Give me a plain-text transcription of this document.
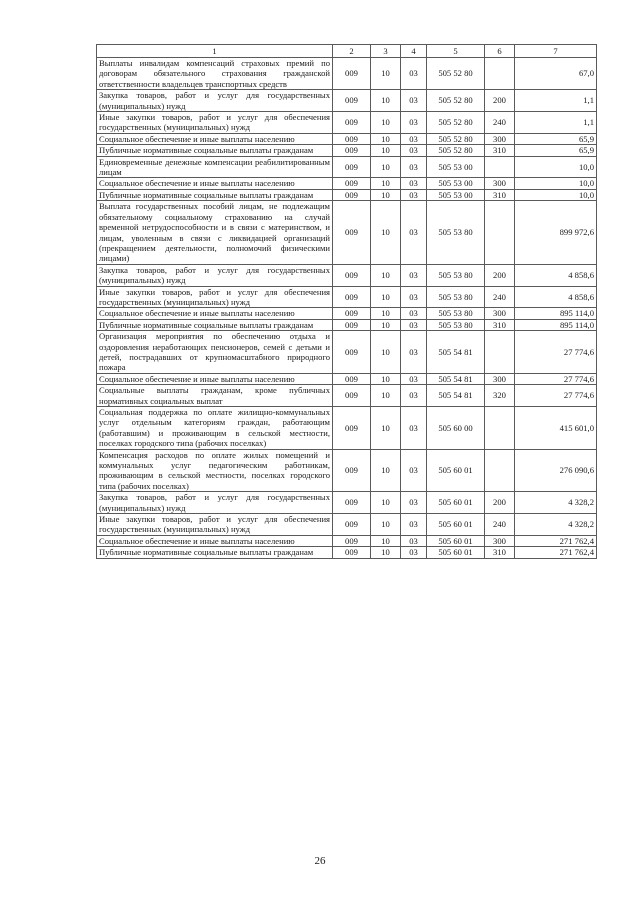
1	2	3	4	5	6	7
Выплаты инвалидам компенсаций страховых премий по договорам обязательного страхования гражданской ответственности владельцев транспортных средств	009	10	03	505 52 80		67,0
Закупка товаров, работ и услуг для государственных (муниципальных) нужд	009	10	03	505 52 80	200	1,1
Иные закупки товаров, работ и услуг для обеспечения государственных (муниципальных) нужд	009	10	03	505 52 80	240	1,1
Социальное обеспечение и иные выплаты населению	009	10	03	505 52 80	300	65,9
Публичные нормативные социальные выплаты гражданам	009	10	03	505 52 80	310	65,9
Единовременные денежные компенсации реабилитированным лицам	009	10	03	505 53 00		10,0
Социальное обеспечение и иные выплаты населению	009	10	03	505 53 00	300	10,0
Публичные нормативные социальные выплаты гражданам	009	10	03	505 53 00	310	10,0
Выплата государственных пособий лицам, не подлежащим обязательному социальному страхованию на случай временной нетрудоспособности и в связи с материнством, и лицам, уволенным в связи с ликвидацией организаций (прекращением деятельности, полномочий физическими лицами)	009	10	03	505 53 80		899 972,6
Закупка товаров, работ и услуг для государственных (муниципальных) нужд	009	10	03	505 53 80	200	4 858,6
Иные закупки товаров, работ и услуг для обеспечения государственных (муниципальных) нужд	009	10	03	505 53 80	240	4 858,6
Социальное обеспечение и иные выплаты населению	009	10	03	505 53 80	300	895 114,0
Публичные нормативные социальные выплаты гражданам	009	10	03	505 53 80	310	895 114,0
Организация мероприятия по обеспечению отдыха и оздоровления неработающих пенсионеров, семей с детьми и детей, пострадавших от крупномасштабного природного пожара	009	10	03	505 54 81		27 774,6
Социальное обеспечение и иные выплаты населению	009	10	03	505 54 81	300	27 774,6
Социальные выплаты гражданам, кроме публичных нормативных социальных выплат	009	10	03	505 54 81	320	27 774,6
Социальная поддержка по оплате жилищно-коммунальных услуг отдельным категориям граждан, работающим (работавшим) и проживающим в сельской местности, поселках городского типа (рабочих поселках)	009	10	03	505 60 00		415 601,0
Компенсация расходов по оплате жилых помещений и коммунальных услуг педагогическим работникам, проживающим в сельской местности, поселках городского типа (рабочих поселках)	009	10	03	505 60 01		276 090,6
Закупка товаров, работ и услуг для государственных (муниципальных) нужд	009	10	03	505 60 01	200	4 328,2
Иные закупки товаров, работ и услуг для обеспечения государственных (муниципальных) нужд	009	10	03	505 60 01	240	4 328,2
Социальное обеспечение и иные выплаты населению	009	10	03	505 60 01	300	271 762,4
Публичные нормативные социальные выплаты гражданам	009	10	03	505 60 01	310	271 762,4
26
